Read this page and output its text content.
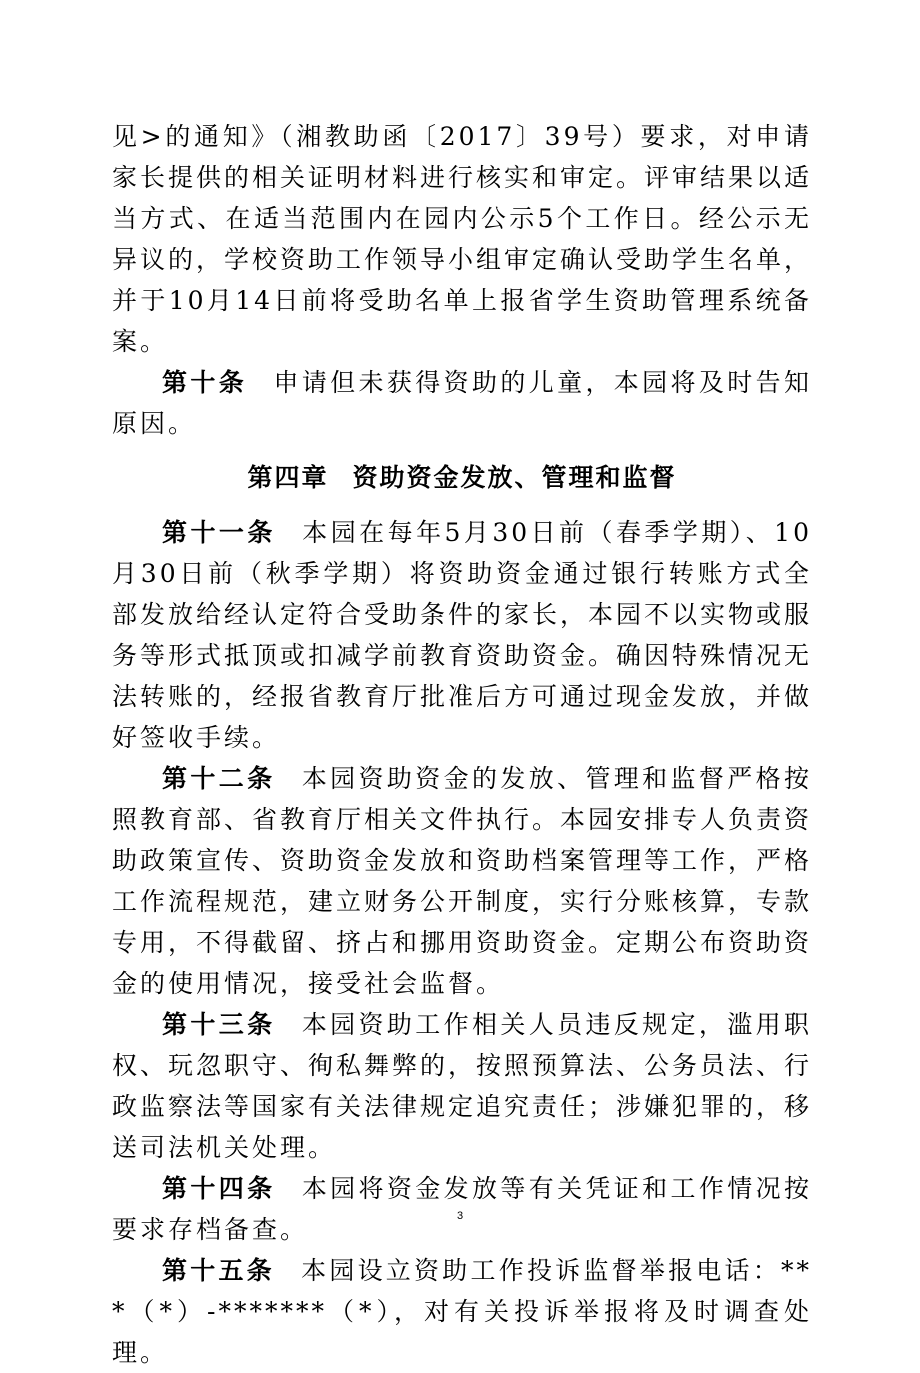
见>的通知》（湘教助函〔2017〕39号）要求，对申请家长提供的相关证明材料进行核实和审定。评审结果以适当方式、在适当范围内在园内公示5个工作日。经公示无异议的，学校资助工作领导小组审定确认受助学生名单，并于10月14日前将受助名单上报省学生资助管理系统备案。

第十条 申请但未获得资助的儿童，本园将及时告知原因。

第四章 资助资金发放、管理和监督

第十一条 本园在每年5月30日前（春季学期）、10月30日前（秋季学期）将资助资金通过银行转账方式全部发放给经认定符合受助条件的家长，本园不以实物或服务等形式抵顶或扣减学前教育资助资金。确因特殊情况无法转账的，经报省教育厅批准后方可通过现金发放，并做好签收手续。

第十二条 本园资助资金的发放、管理和监督严格按照教育部、省教育厅相关文件执行。本园安排专人负责资助政策宣传、资助资金发放和资助档案管理等工作，严格工作流程规范，建立财务公开制度，实行分账核算，专款专用，不得截留、挤占和挪用资助资金。定期公布资助资金的使用情况，接受社会监督。

第十三条 本园资助工作相关人员违反规定，滥用职权、玩忽职守、徇私舞弊的，按照预算法、公务员法、行政监察法等国家有关法律规定追究责任；涉嫌犯罪的，移送司法机关处理。

第十四条 本园将资金发放等有关凭证和工作情况按要求存档备查。

第十五条 本园设立资助工作投诉监督举报电话：***（*）-*******（*），对有关投诉举报将及时调查处理。

3
